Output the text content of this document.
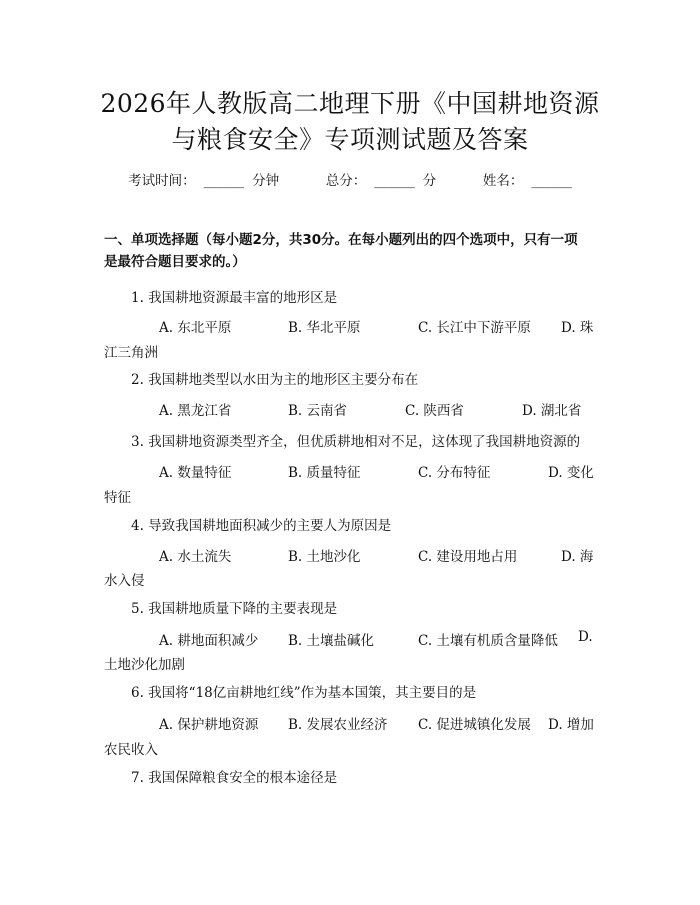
2026年人教版高二地理下册《中国耕地资源
与粮食安全》专项测试题及答案
考试时间： ______ 分钟	总分： ______ 分	姓名： ______
一、单项选择题（每小题2分，共30分。在每小题列出的四个选项中，只有一项
是最符合题目要求的。）
1. 我国耕地资源最丰富的地形区是
A. 东北平原	B. 华北平原	C. 长江中下游平原 D. 珠
江三角洲
2. 我国耕地类型以水田为主的地形区主要分布在
A. 黑龙江省	B. 云南省	C. 陕西省	D. 湖北省
3. 我国耕地资源类型齐全，但优质耕地相对不足，这体现了我国耕地资源的
A. 数量特征	B. 质量特征	C. 分布特征	D. 变化
特征
4. 导致我国耕地面积减少的主要人为原因是
A. 水土流失	B. 土地沙化	C. 建设用地占用	D. 海
水入侵
5. 我国耕地质量下降的主要表现是
A. 耕地面积减少 B. 土壤盐碱化	C. 土壤有机质含量降低 D.
土地沙化加剧
6. 我国将“18亿亩耕地红线”作为基本国策，其主要目的是
A. 保护耕地资源 B. 发展农业经济 C. 促进城镇化发展 D. 增加
农民收入
7. 我国保障粮食安全的根本途径是
